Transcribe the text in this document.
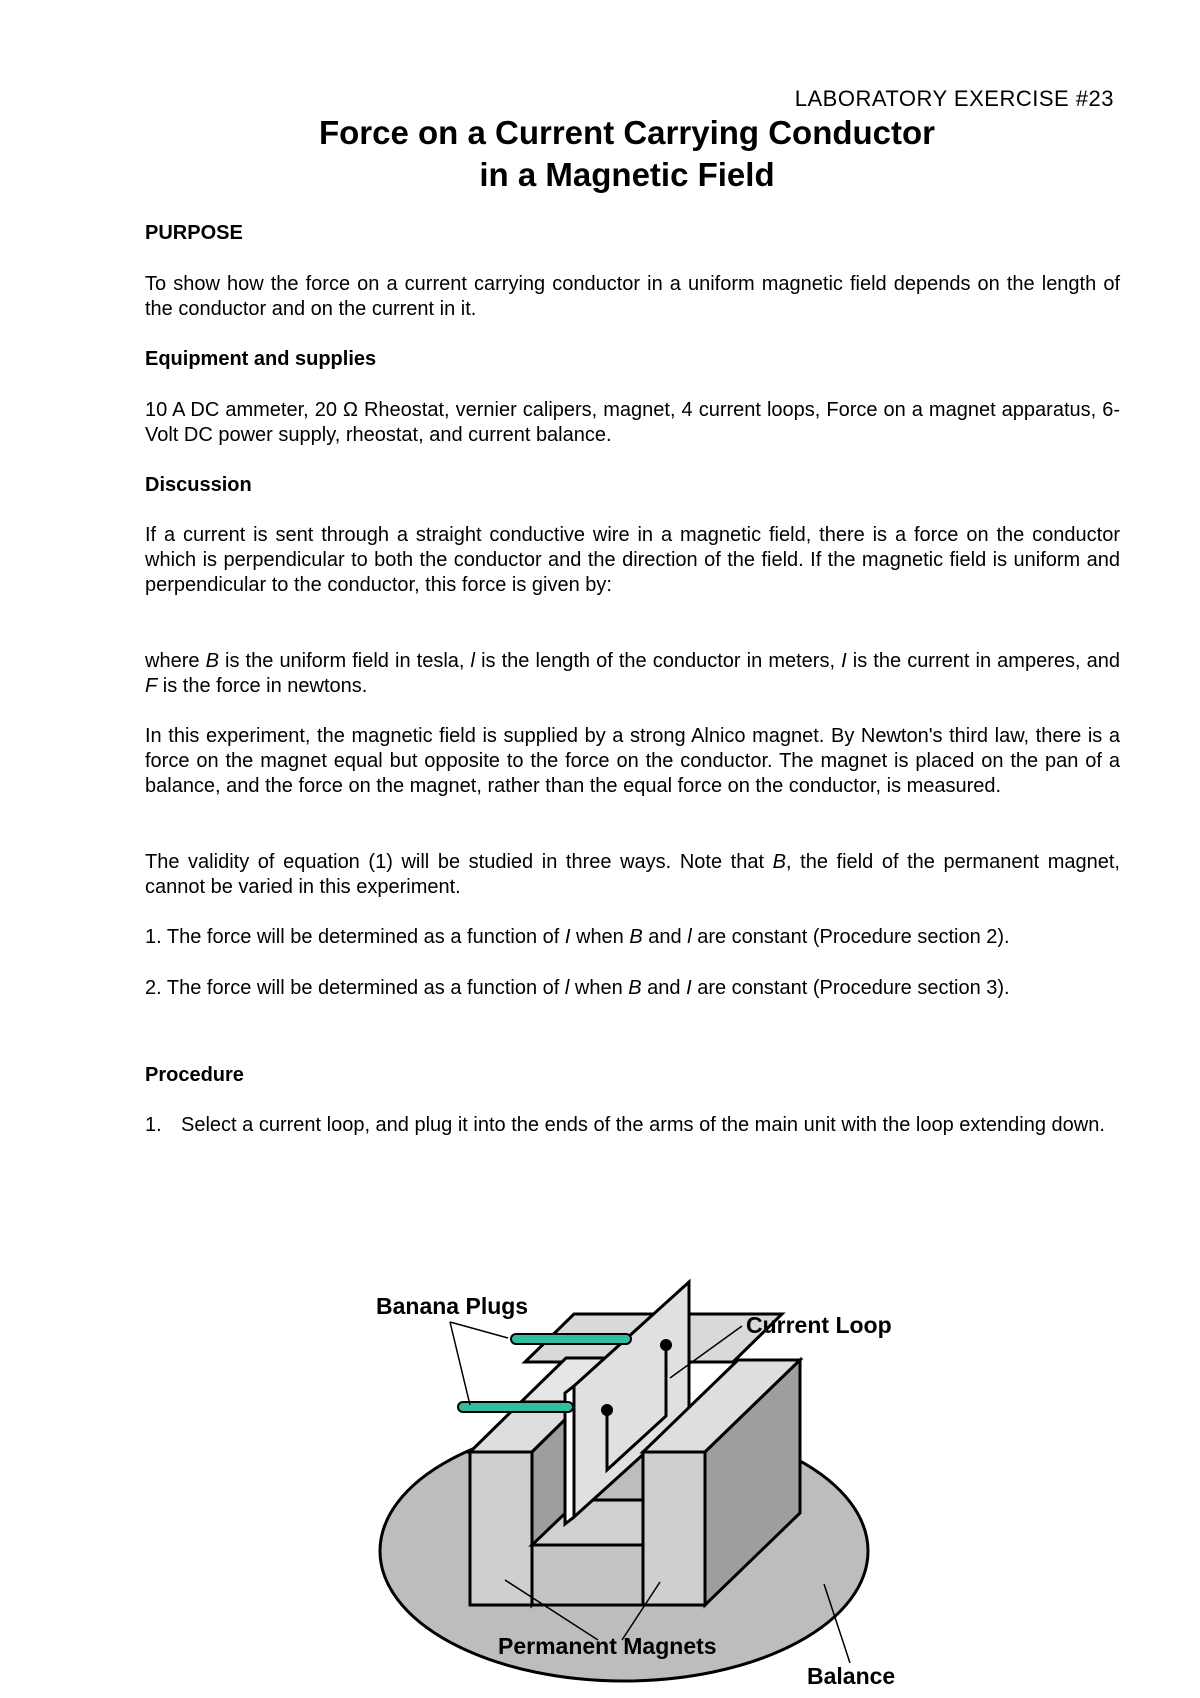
LABORATORY EXERCISE #23
Force on a Current Carrying Conductor
in a Magnetic Field
PURPOSE
To show how the force on a current carrying conductor in a uniform magnetic field depends on the length of the conductor and on the current in it.
Equipment and supplies
10 A DC ammeter, 20 Ω Rheostat, vernier calipers, magnet, 4 current loops, Force on a magnet apparatus, 6-Volt DC power supply, rheostat, and current balance.
Discussion
If a current is sent through a straight conductive wire in a magnetic field, there is a force on the conductor which is perpendicular to both the conductor and the direction of the field. If the magnetic field is uniform and perpendicular to the conductor, this force is given by:
where B is the uniform field in tesla, l is the length of the conductor in meters, I is the current in amperes, and F is the force in newtons.
In this experiment, the magnetic field is supplied by a strong Alnico magnet. By Newton's third law, there is a force on the magnet equal but opposite to the force on the conductor. The magnet is placed on the pan of a balance, and the force on the magnet, rather than the equal force on the conductor, is measured.
The validity of equation (1) will be studied in three ways. Note that B, the field of the permanent magnet, cannot be varied in this experiment.
1. The force will be determined as a function of I when B and l are constant (Procedure section 2).
2. The force will be determined as a function of l when B and I are constant (Procedure section 3).
Procedure
1. Select a current loop, and plug it into the ends of the arms of the main unit with the loop extending down.
Banana Plugs
Current Loop
Permanent Magnets
Balance
